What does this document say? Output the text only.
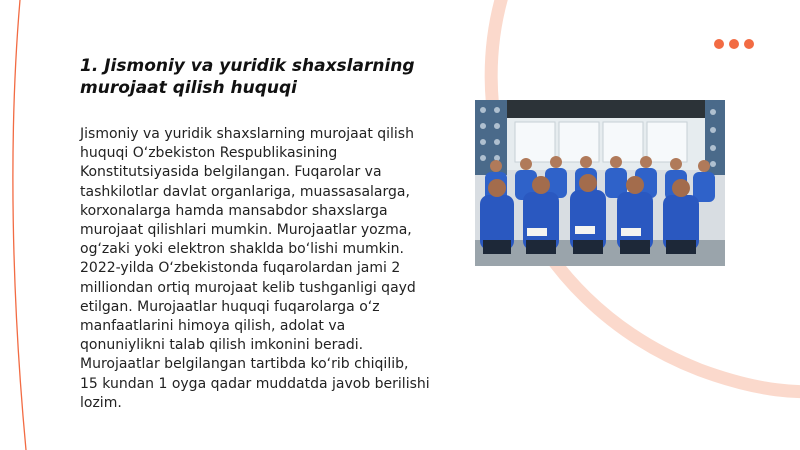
1. Jismoniy va yuridik shaxslarning murojaat qilish huquqi

Jismoniy va yuridik shaxslarning murojaat qilish huquqi O‘zbekiston Respublikasining Konstitutsiyasida belgilangan. Fuqarolar va tashkilotlar davlat organlariga, muassasalarga, korxonalarga hamda mansabdor shaxslarga murojaat qilishlari mumkin. Murojaatlar yozma, og‘zaki yoki elektron shaklda bo‘lishi mumkin. 2022-yilda O‘zbekistonda fuqarolardan jami 2 milliondan ortiq murojaat kelib tushganligi qayd etilgan. Murojaatlar huquqi fuqarolarga o‘z manfaatlarini himoya qilish, adolat va qonuniylikni talab qilish imkonini beradi. Murojaatlar belgilangan tartibda ko‘rib chiqilib, 15 kundan 1 oyga qadar muddatda javob berilishi lozim.
